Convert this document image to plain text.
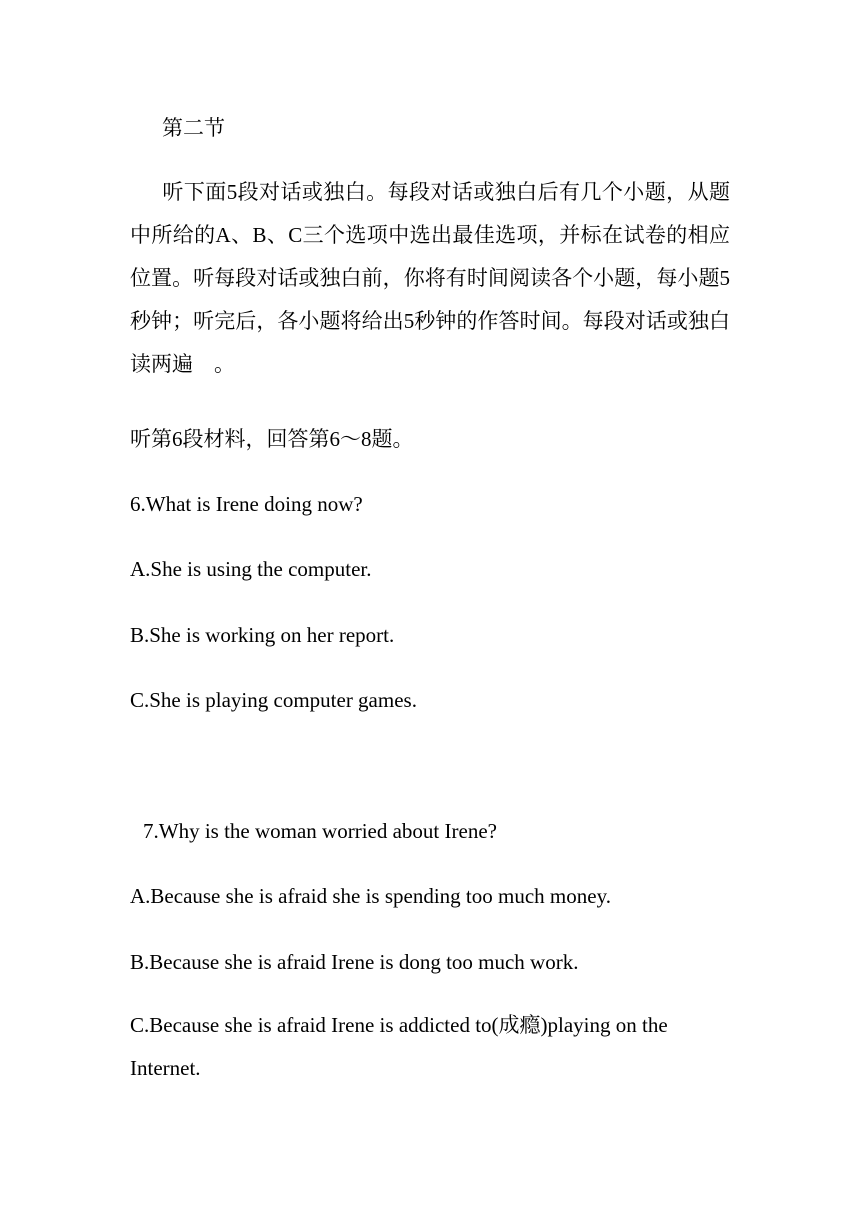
第二节
听下面5段对话或独白。每段对话或独白后有几个小题，从题中所给的A、B、C三个选项中选出最佳选项，并标在试卷的相应位置。听每段对话或独白前，你将有时间阅读各个小题，每小题5秒钟；听完后，各小题将给出5秒钟的作答时间。每段对话或独白读两遍　。
听第6段材料，回答第6～8题。
6.What is Irene doing now?
A.She is using the computer.
B.She is working on her report.
C.She is playing computer games.
7.Why is the woman worried about Irene?
A.Because she is afraid she is spending too much money.
B.Because she is afraid Irene is dong too much work.
C.Because she is afraid Irene is addicted to(成瘾)playing on the Internet.
